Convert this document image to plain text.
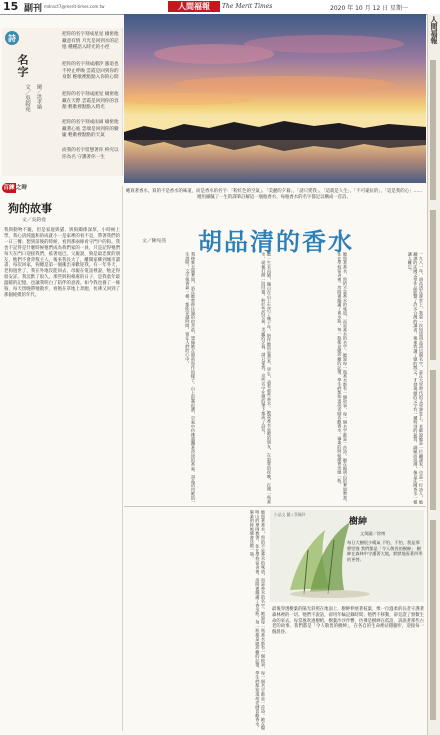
15 副刊 mdnsct7@merit-times.com.tw	人間福報	The Merit Times	2020 年 10 月 12 日 星期一
人間福報
詩
名字
文／吳鈞堯 圖／洪孝綸
把你的名字刻成星星 綴密他藏意有情 月光是回到水的記憶 種種語入時光的小徑
把你的名字刻成潮汐 漲退也不停止呼喚 雲霞是回到你的身影 輕歌裡點點入你的心間
把你的名字刻成流星 綴密他藏在天際 雲霞是回到你的容顏 輕歌裡點點入時光
把你的名字刻成雨滴 綴密他藏著心底 雲端是回到你的臉龐 輕歌裡點點的天氣
而我的名字留戀著你 終究以你為名 守護著你一生
她寫著香水，寫的不是香水的味道，而是香水的名字：「粉紅色的空氣」、「美麗的夕暮」、「請只愛我」、「這就是人生」、「不可違抗的」、「這是我的心」……她用細膩了一生的譯筆註解這一瓶瓶香水，每瓶香水的名字都足以構成一首詩。
百鍊 之時
狗的故事
文／吳鈞堯
我與動物不親，但是家庭與貓、與狗關係深厚，小時候上學，我心清純溫和的成就小一是家裡的看不見，帶著我們的一日三餐；想到前後的時候，看到那兩條看守門戶的狗。我也不記得是什麼時候牠們成為我們家的一員，只是記得牠們每天在門口迎接我們，搖著尾巴。父親說，狗是最忠實的朋友，牠們不會背叛主人。後來我長大了，離開家鄉到城市讀書，每次回家，狗總是第一個衝出來歡迎我。有一年冬天，老狗過世了，我在外地沒能回去，母親在電話裡說，牠走得很安詳。我沉默了很久。那些與狗相處的日子，是我童年最溫暖的記憶，也讓我明白了陪伴的意義。如今我也養了一條狗，每天傍晚帶牠散步，看牠在草地上奔跑，彷彿又回到了那個純樸的年代。
胡品清的香水
文／陳宛茜
我後來去過華岡，站在她曾經住過的宿舍前，想像她在窗前寫作的樣子。山上的霧很濃，空氣中彷彿還飄著淡淡的香氣。胡品清用她的一生證明，文字與香氣一樣，都能穿越時間，留在人們的心中。	她一生未再婚，獨自在山上生活了幾十年，陪伴她的是書本、學生，還有那些香水。她說香水是她的朋友，在寂寞的夜晚，打開一瓶香水，就像打開一段回憶。粉紅色的空氣、美麗的夕暮、請只愛我，這些名字在她的筆下都成了詩句。	她寫著香水，寫的不是香水的味道，而是香水的名字。她說每一瓶香水都有一個故事，每一個名字都是一首詩。她在陽明山的華岡教書，住在學校宿舍裡，房間裡擺滿了香水瓶，每一瓶都是她珍藏的記憶。學生們都知道胡老師喜歡香水，畢業的時候總會送她一瓶。	一九八一年，胡品清在課堂上，我第一次知道胡品清這個名字，是在大學時代的文學課堂上。老師說她是一位翻譯家，也是一位詩人，她翻譯的法國文學作品影響了許多台灣的讀者。後來我讀了她的散文，才發現她的文字有一種特別的氣質，細膩而浪漫，像是法國香水一樣讓人難忘。
她寫著香水，寫的不是香水的味道，而是香水的名字。她說每一瓶香水都有一個故事，每一個名字都是一首詩。她在陽明山的華岡教書，住在學校宿舍裡，房間裡擺滿了香水瓶，每一瓶都是她珍藏的記憶。學生們都知道胡老師喜歡香水，畢業的時候總會送她一瓶。	小品文 圖 / 蔡佩玲
樹紳
文與圖／徐博
每日大樹很少嘆氣 不怕，不怕，我是那麼堅強 我們都是「令人敬畏的樹紳」 樹紳在森林中守護著大地，默默地看著四季的更替。
最後穿透樹葉的陽光斜照在地面上，樹紳伸展著枝葉，像一位溫柔的長者守護著森林裡的一切。牠們不說話，卻用年輪記錄時間；牠們不移動，卻見證了無數生命的來去。每當風吹過樹梢，樹葉沙沙作響，彷彿是樹紳在低語，訴說著那些古老的故事。我們都是「令人敬畏的樹紳」，在各自的生命裡站穩腳步，迎接每一個晨昏。
